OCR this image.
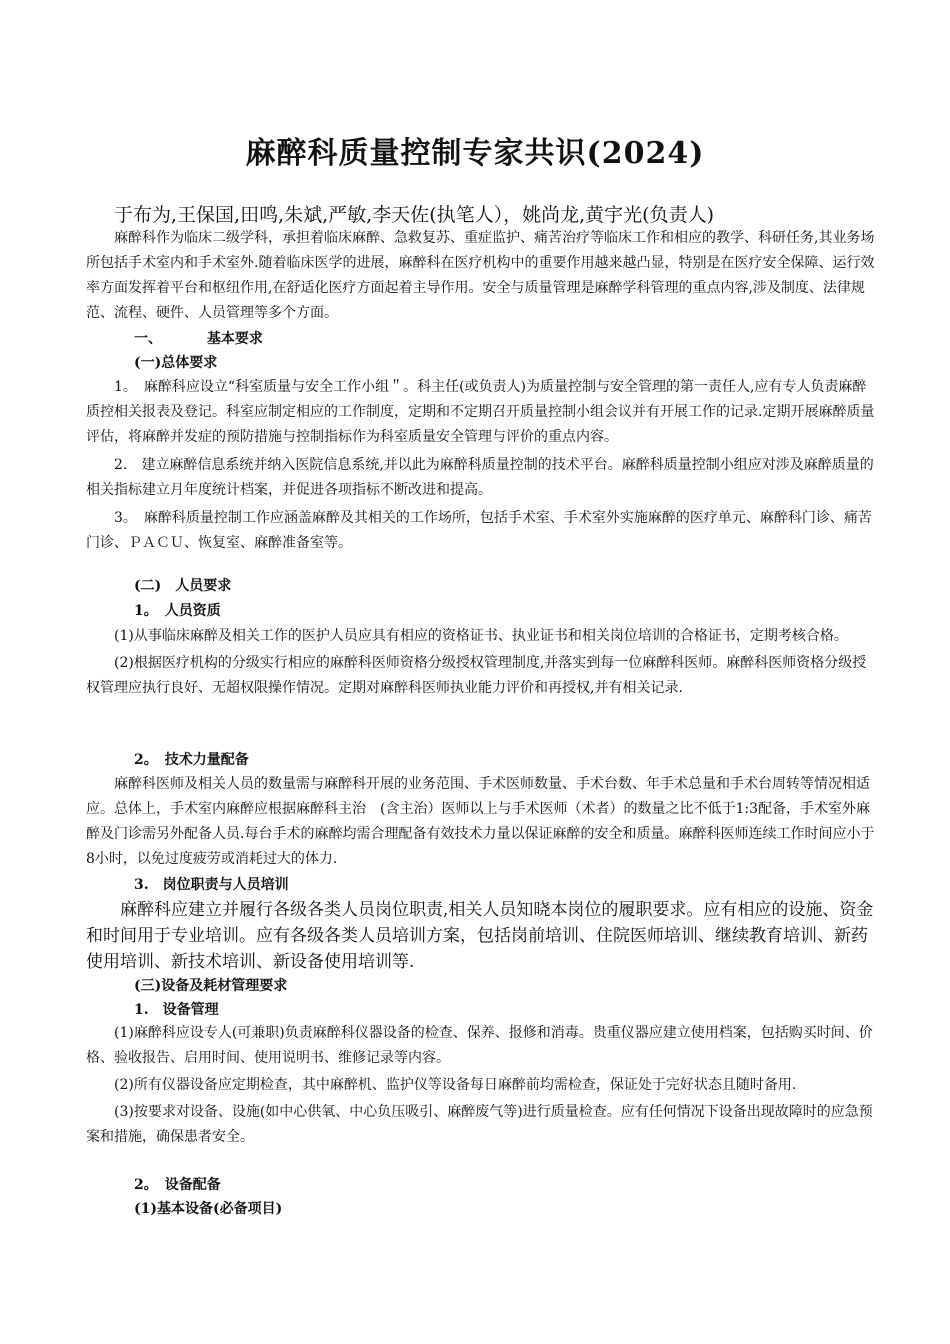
麻醉科质量控制专家共识(2024)
于布为,王保国,田鸣,朱斌,严敏,李天佐(执笔人），姚尚龙,黄宇光(负责人)

麻醉科作为临床二级学科，承担着临床麻醉、急救复苏、重症监护、痛苦治疗等临床工作和相应的教学、科研任务,其业务场所包括手术室内和手术室外.随着临床医学的进展，麻醉科在医疗机构中的重要作用越来越凸显，特别是在医疗安全保障、运行效率方面发挥着平台和枢纽作用,在舒适化医疗方面起着主导作用。安全与质量管理是麻醉学科管理的重点内容,涉及制度、法律规范、流程、硬件、人员管理等多个方面。

一、	基本要求
(一)总体要求

1。　麻醉科应设立“科室质量与安全工作小组＂。科主任(或负责人)为质量控制与安全管理的第一责任人,应有专人负责麻醉质控相关报表及登记。科室应制定相应的工作制度，定期和不定期召开质量控制小组会议并有开展工作的记录.定期开展麻醉质量评估，将麻醉并发症的预防措施与控制指标作为科室质量安全管理与评价的重点内容。

2.　建立麻醉信息系统并纳入医院信息系统,并以此为麻醉科质量控制的技术平台。麻醉科质量控制小组应对涉及麻醉质量的相关指标建立月年度统计档案，并促进各项指标不断改进和提高。

3。　麻醉科质量控制工作应涵盖麻醉及其相关的工作场所，包括手术室、手术室外实施麻醉的医疗单元、麻醉科门诊、痛苦门诊、ＰＡＣＵ、恢复室、麻醉准备室等。

(二)　人员要求
1。　人员资质

(1)从事临床麻醉及相关工作的医护人员应具有相应的资格证书、执业证书和相关岗位培训的合格证书，定期考核合格。

(2)根据医疗机构的分级实行相应的麻醉科医师资格分级授权管理制度,并落实到每一位麻醉科医师。麻醉科医师资格分级授权管理应执行良好、无超权限操作情况。定期对麻醉科医师执业能力评价和再授权,并有相关记录.

2。　技术力量配备

麻醉科医师及相关人员的数量需与麻醉科开展的业务范围、手术医师数量、手术台数、年手术总量和手术台周转等情况相适应。总体上，手术室内麻醉应根据麻醉科主治　(含主治）医师以上与手术医师（术者）的数量之比不低于1:3配备，手术室外麻醉及门诊需另外配备人员.每台手术的麻醉均需合理配备有效技术力量以保证麻醉的安全和质量。麻醉科医师连续工作时间应小于8小时，以免过度疲劳或消耗过大的体力.

3.　岗位职责与人员培训

麻醉科应建立并履行各级各类人员岗位职责,相关人员知晓本岗位的履职要求。应有相应的设施、资金和时间用于专业培训。应有各级各类人员培训方案，包括岗前培训、住院医师培训、继续教育培训、新药使用培训、新技术培训、新设备使用培训等.

(三)设备及耗材管理要求
1.　设备管理

(1)麻醉科应设专人(可兼职)负责麻醉科仪器设备的检查、保养、报修和消毒。贵重仪器应建立使用档案，包括购买时间、价格、验收报告、启用时间、使用说明书、维修记录等内容。

(2)所有仪器设备应定期检查，其中麻醉机、监护仪等设备每日麻醉前均需检查，保证处于完好状态且随时备用.

(3)按要求对设备、设施(如中心供氧、中心负压吸引、麻醉废气等)进行质量检查。应有任何情况下设备出现故障时的应急预案和措施，确保患者安全。

2。　设备配备
(1)基本设备(必备项目)
